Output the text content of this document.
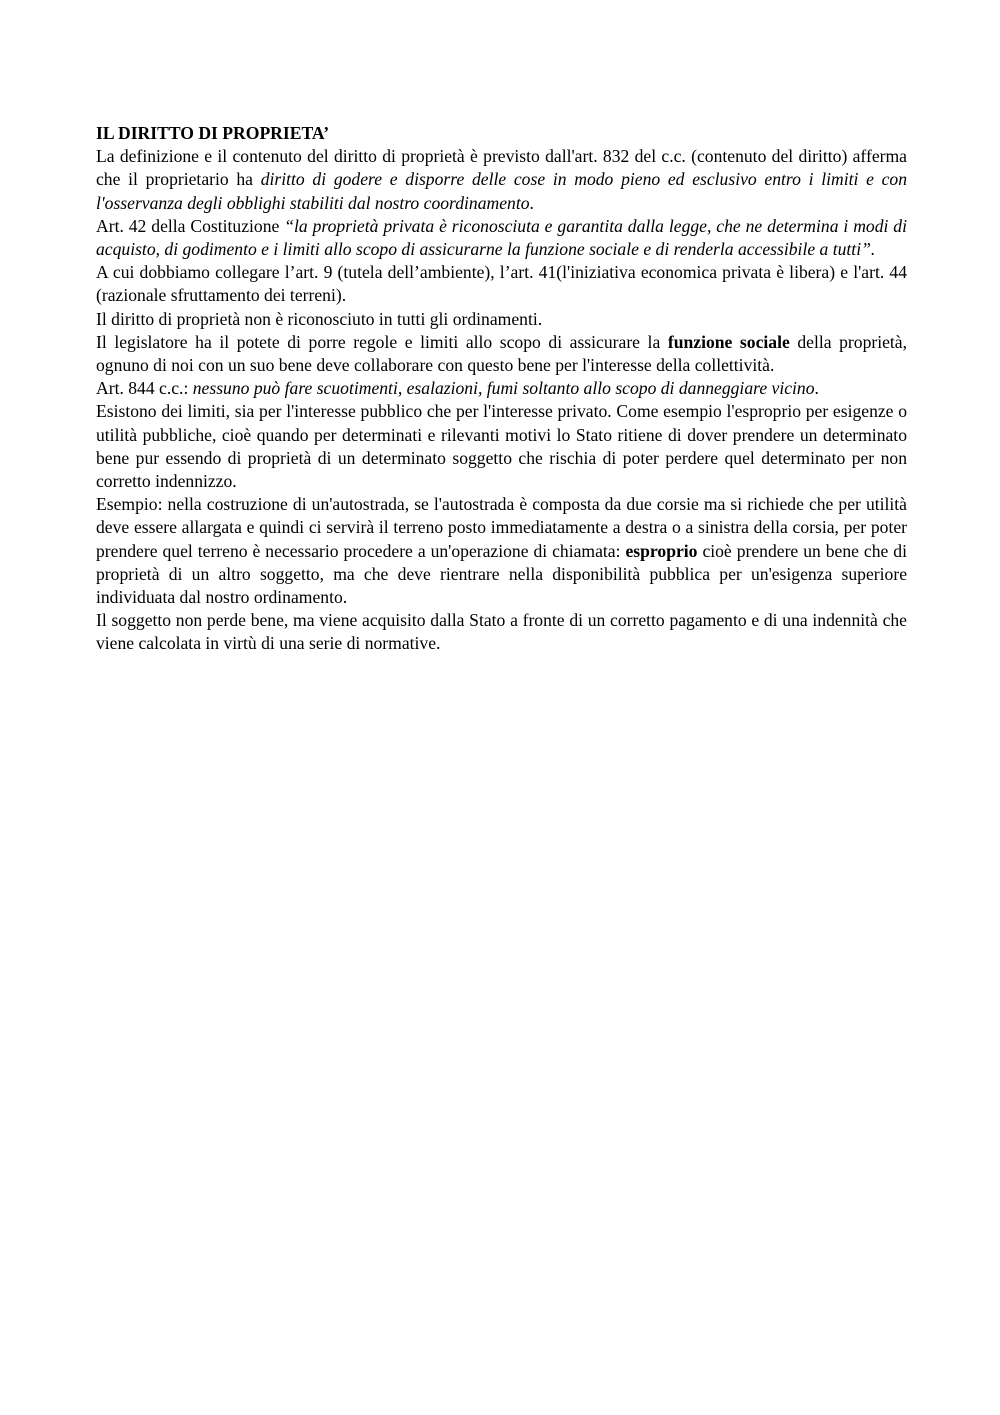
IL DIRITTO DI PROPRIETA’

La definizione e il contenuto del diritto di proprietà è previsto dall'art. 832 del c.c. (contenuto del diritto) afferma che il proprietario ha diritto di godere e disporre delle cose in modo pieno ed esclusivo entro i limiti e con l'osservanza degli obblighi stabiliti dal nostro coordinamento.

Art. 42 della Costituzione “la proprietà privata è riconosciuta e garantita dalla legge, che ne determina i modi di acquisto, di godimento e i limiti allo scopo di assicurarne la funzione sociale e di renderla accessibile a tutti”.

A cui dobbiamo collegare l’art. 9 (tutela dell’ambiente), l’art. 41(l'iniziativa economica privata è libera) e l'art. 44 (razionale sfruttamento dei terreni).

Il diritto di proprietà non è riconosciuto in tutti gli ordinamenti.

Il legislatore ha il potete di porre regole e limiti allo scopo di assicurare la funzione sociale della proprietà, ognuno di noi con un suo bene deve collaborare con questo bene per l'interesse della collettività.

Art. 844 c.c.: nessuno può fare scuotimenti, esalazioni, fumi soltanto allo scopo di danneggiare vicino.

Esistono dei limiti, sia per l'interesse pubblico che per l'interesse privato. Come esempio l'esproprio per esigenze o utilità pubbliche, cioè quando per determinati e rilevanti motivi lo Stato ritiene di dover prendere un determinato bene pur essendo di proprietà di un determinato soggetto che rischia di poter perdere quel determinato per non corretto indennizzo.

Esempio: nella costruzione di un'autostrada, se l'autostrada è composta da due corsie ma si richiede che per utilità deve essere allargata e quindi ci servirà il terreno posto immediatamente a destra o a sinistra della corsia, per poter prendere quel terreno è necessario procedere a un'operazione di chiamata: esproprio cioè prendere un bene che di proprietà di un altro soggetto, ma che deve rientrare nella disponibilità pubblica per un'esigenza superiore individuata dal nostro ordinamento.

Il soggetto non perde bene, ma viene acquisito dalla Stato a fronte di un corretto pagamento e di una indennità che viene calcolata in virtù di una serie di normative.
